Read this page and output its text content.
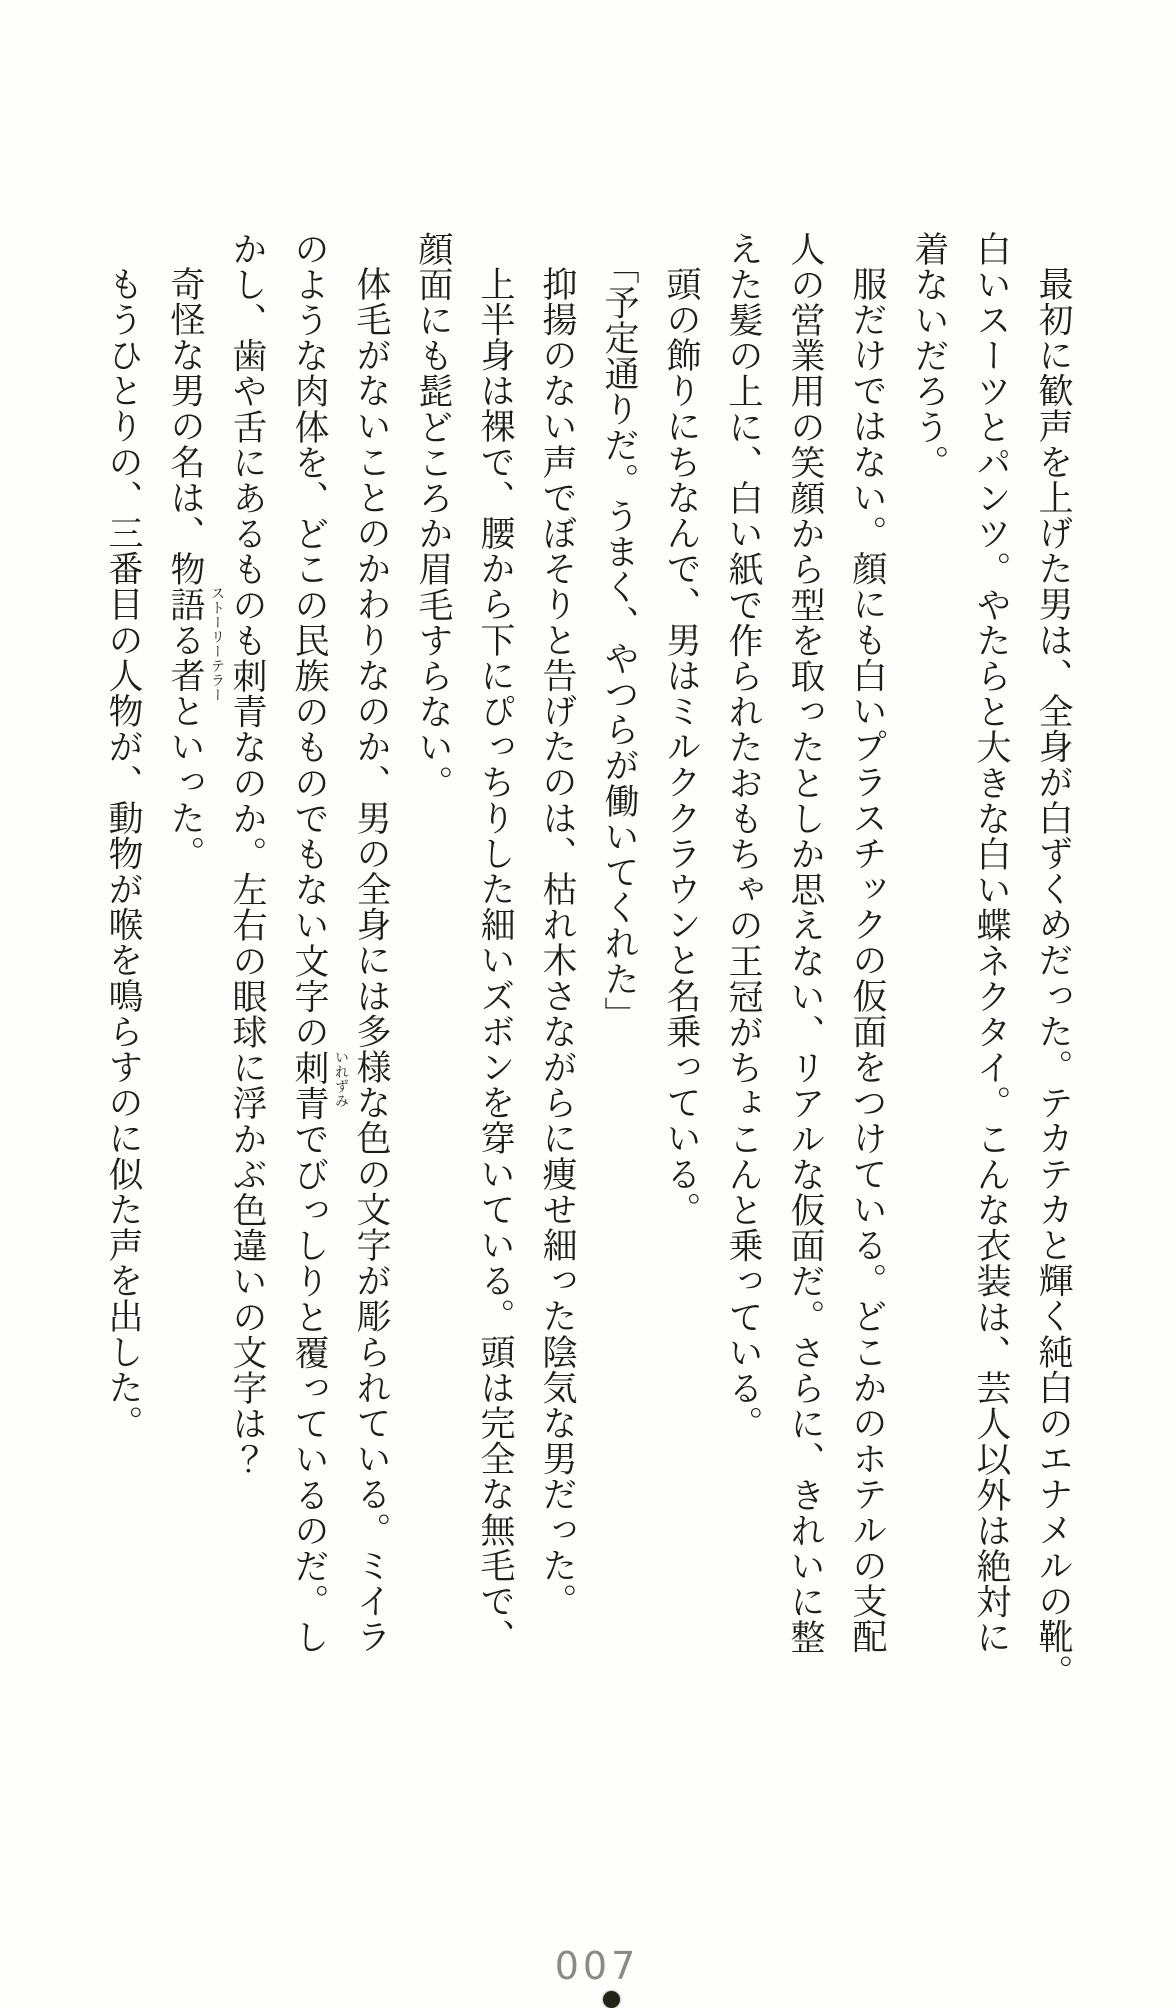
最初に歓声を上げた男は、全身が白ずくめだった。テカテカと輝く純白のエナメルの靴。
白いスーツとパンツ。やたらと大きな白い蝶ネクタイ。こんな衣装は、芸人以外は絶対に
着ないだろう。
服だけではない。顔にも白いプラスチックの仮面をつけている。どこかのホテルの支配
人の営業用の笑顔から型を取ったとしか思えない、リアルな仮面だ。さらに、きれいに整
えた髪の上に、白い紙で作られたおもちゃの王冠がちょこんと乗っている。
頭の飾りにちなんで、男はミルククラウンと名乗っている。
「予定通りだ。うまく、やつらが働いてくれた」
抑揚のない声でぼそりと告げたのは、枯れ木さながらに痩せ細った陰気な男だった。
上半身は裸で、腰から下にぴっちりした細いズボンを穿いている。頭は完全な無毛で、
顔面にも髭どころか眉毛すらない。
体毛がないことのかわりなのか、男の全身には多様な色の文字が彫られている。ミイラ
のような肉体を、どこの民族のものでもない文字の刺青 いれずみ
でびっしりと覆っているのだ。し
かし、歯や舌にあるものも刺青なのか。左右の眼球に浮かぶ色違いの文字は？
奇怪な男の名は、物語る者 ストーリーテラー
といった。
もうひとりの、三番目の人物が、動物が喉を鳴らすのに似た声を出した。
007
